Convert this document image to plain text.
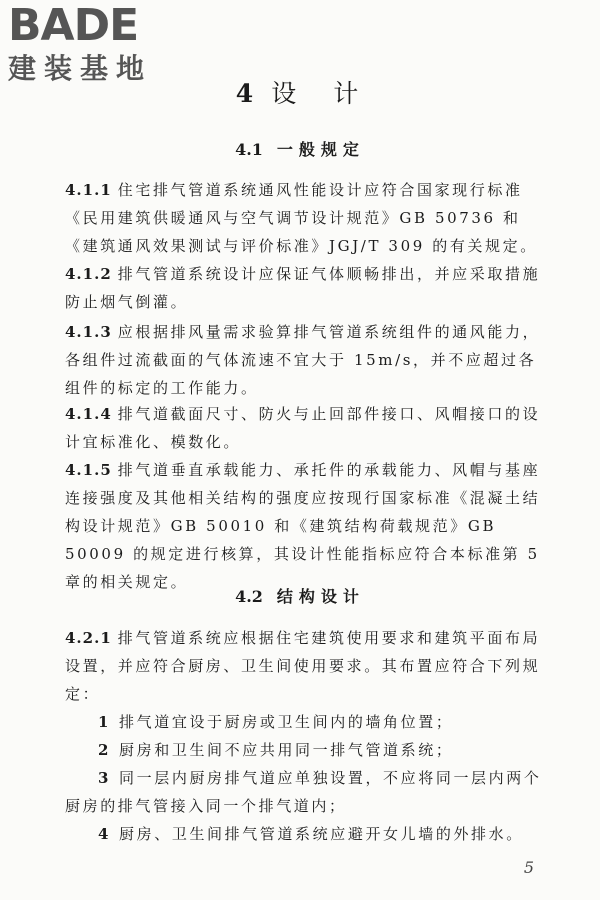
BADE
建装基地
4 设　计
4.1 一般规定
4.1.1 住宅排气管道系统通风性能设计应符合国家现行标准《民用建筑供暖通风与空气调节设计规范》GB 50736 和《建筑通风效果测试与评价标准》JGJ/T 309 的有关规定。
4.1.2 排气管道系统设计应保证气体顺畅排出，并应采取措施防止烟气倒灌。
4.1.3 应根据排风量需求验算排气管道系统组件的通风能力，各组件过流截面的气体流速不宜大于 15m/s，并不应超过各组件的标定的工作能力。
4.1.4 排气道截面尺寸、防火与止回部件接口、风帽接口的设计宜标准化、模数化。
4.1.5 排气道垂直承载能力、承托件的承载能力、风帽与基座连接强度及其他相关结构的强度应按现行国家标准《混凝土结构设计规范》GB 50010 和《建筑结构荷载规范》GB 50009 的规定进行核算，其设计性能指标应符合本标准第 5 章的相关规定。
4.2 结构设计
4.2.1 排气管道系统应根据住宅建筑使用要求和建筑平面布局设置，并应符合厨房、卫生间使用要求。其布置应符合下列规定：
1 排气道宜设于厨房或卫生间内的墙角位置；
2 厨房和卫生间不应共用同一排气管道系统；
3 同一层内厨房排气道应单独设置，不应将同一层内两个厨房的排气管接入同一个排气道内；
4 厨房、卫生间排气管道系统应避开女儿墙的外排水。
5
